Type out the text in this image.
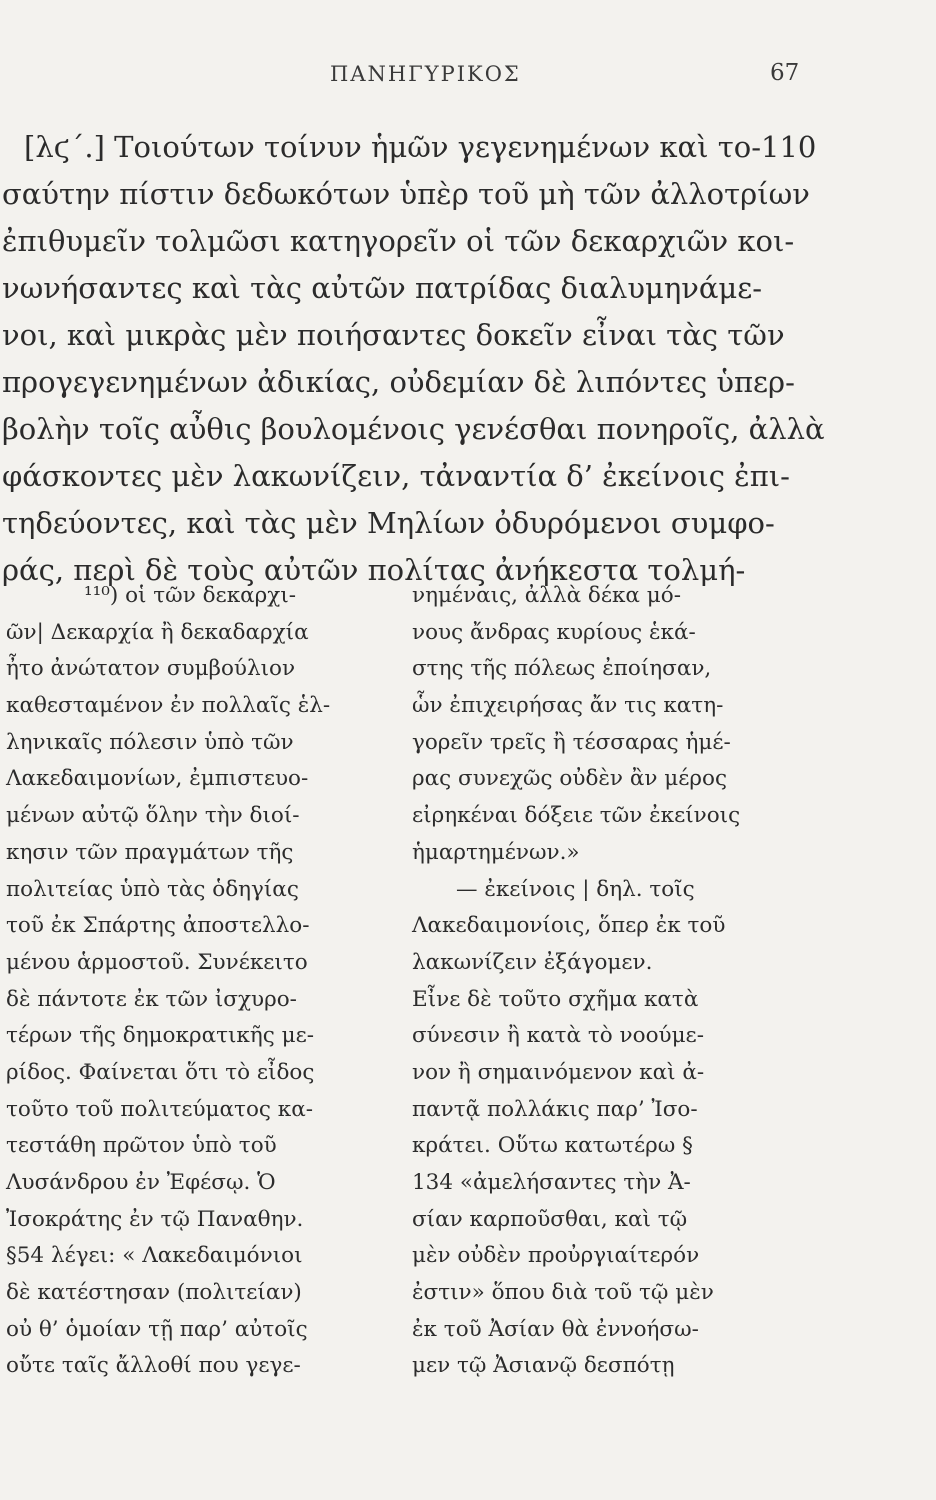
ΠΑΝΗΓΥΡΙΚΟΣ	67
[λϛ΄.] Τοιούτων τοίνυν ἡμῶν γεγενημένων καὶ το-110
σαύτην πίστιν δεδωκότων ὑπὲρ τοῦ μὴ τῶν ἀλλοτρίων
ἐπιθυμεῖν τολμῶσι κατηγορεῖν οἱ τῶν δεκαρχιῶν κοι-
νωνήσαντες καὶ τὰς αὐτῶν πατρίδας διαλυμηνάμε-
νοι, καὶ μικρὰς μὲν ποιήσαντες δοκεῖν εἶναι τὰς τῶν
προγεγενημένων ἀδικίας, οὐδεμίαν δὲ λιπόντες ὑπερ-
βολὴν τοῖς αὖθις βουλομένοις γενέσθαι πονηροῖς, ἀλλὰ
φάσκοντες μὲν λακωνίζειν, τἀναντία δ’ ἐκείνοις ἐπι-
τηδεύοντες, καὶ τὰς μὲν Μηλίων ὀδυρόμενοι συμφο-
ράς, περὶ δὲ τοὺς αὐτῶν πολίτας ἀνήκεστα τολμή-
¹¹⁰) οἱ τῶν δεκαρχι-
ῶν| Δεκαρχία ἢ δεκαδαρχία
ἦτο ἀνώτατον συμβούλιον
καθεσταμένον ἐν πολλαῖς ἑλ-
ληνικαῖς πόλεσιν ὑπὸ τῶν
Λακεδαιμονίων, ἐμπιστευο-
μένων αὐτῷ ὅλην τὴν διοί-
κησιν τῶν πραγμάτων τῆς
πολιτείας ὑπὸ τὰς ὁδηγίας
τοῦ ἐκ Σπάρτης ἀποστελλο-
μένου ἁρμοστοῦ. Συνέκειτο
δὲ πάντοτε ἐκ τῶν ἰσχυρο-
τέρων τῆς δημοκρατικῆς με-
ρίδος. Φαίνεται ὅτι τὸ εἶδος
τοῦτο τοῦ πολιτεύματος κα-
τεστάθη πρῶτον ὑπὸ τοῦ
Λυσάνδρου ἐν Ἐφέσῳ. Ὁ
Ἰσοκράτης ἐν τῷ Παναθην.
§54 λέγει: « Λακεδαιμόνιοι
δὲ κατέστησαν (πολιτείαν)
οὐ θ’ ὁμοίαν τῇ παρ’ αὐτοῖς
οὔτε ταῖς ἄλλοθί που γεγε-
νημέναις, ἀλλὰ δέκα μό-
νους ἄνδρας κυρίους ἑκά-
στης τῆς πόλεως ἐποίησαν,
ὧν ἐπιχειρήσας ἄν τις κατη-
γορεῖν τρεῖς ἢ τέσσαρας ἡμέ-
ρας συνεχῶς οὐδὲν ἂν μέρος
εἰρηκέναι δόξειε τῶν ἐκείνοις
ἡμαρτημένων.»
— ἐκείνοις | δηλ. τοῖς
Λακεδαιμονίοις, ὅπερ ἐκ τοῦ
λακωνίζειν ἐξάγομεν.
Εἶνε δὲ τοῦτο σχῆμα κατὰ
σύνεσιν ἢ κατὰ τὸ νοούμε-
νον ἢ σημαινόμενον καὶ ἀ-
παντᾷ πολλάκις παρ’ Ἰσο-
κράτει. Οὕτω κατωτέρω §
134 «ἀμελήσαντες τὴν Ἀ-
σίαν καρποῦσθαι, καὶ τῷ
μὲν οὐδὲν προὐργιαίτερόν
ἐστιν» ὅπου διὰ τοῦ τῷ μὲν
ἐκ τοῦ Ἀσίαν θὰ ἐννοήσω-
μεν τῷ Ἀσιανῷ δεσπότῃ
